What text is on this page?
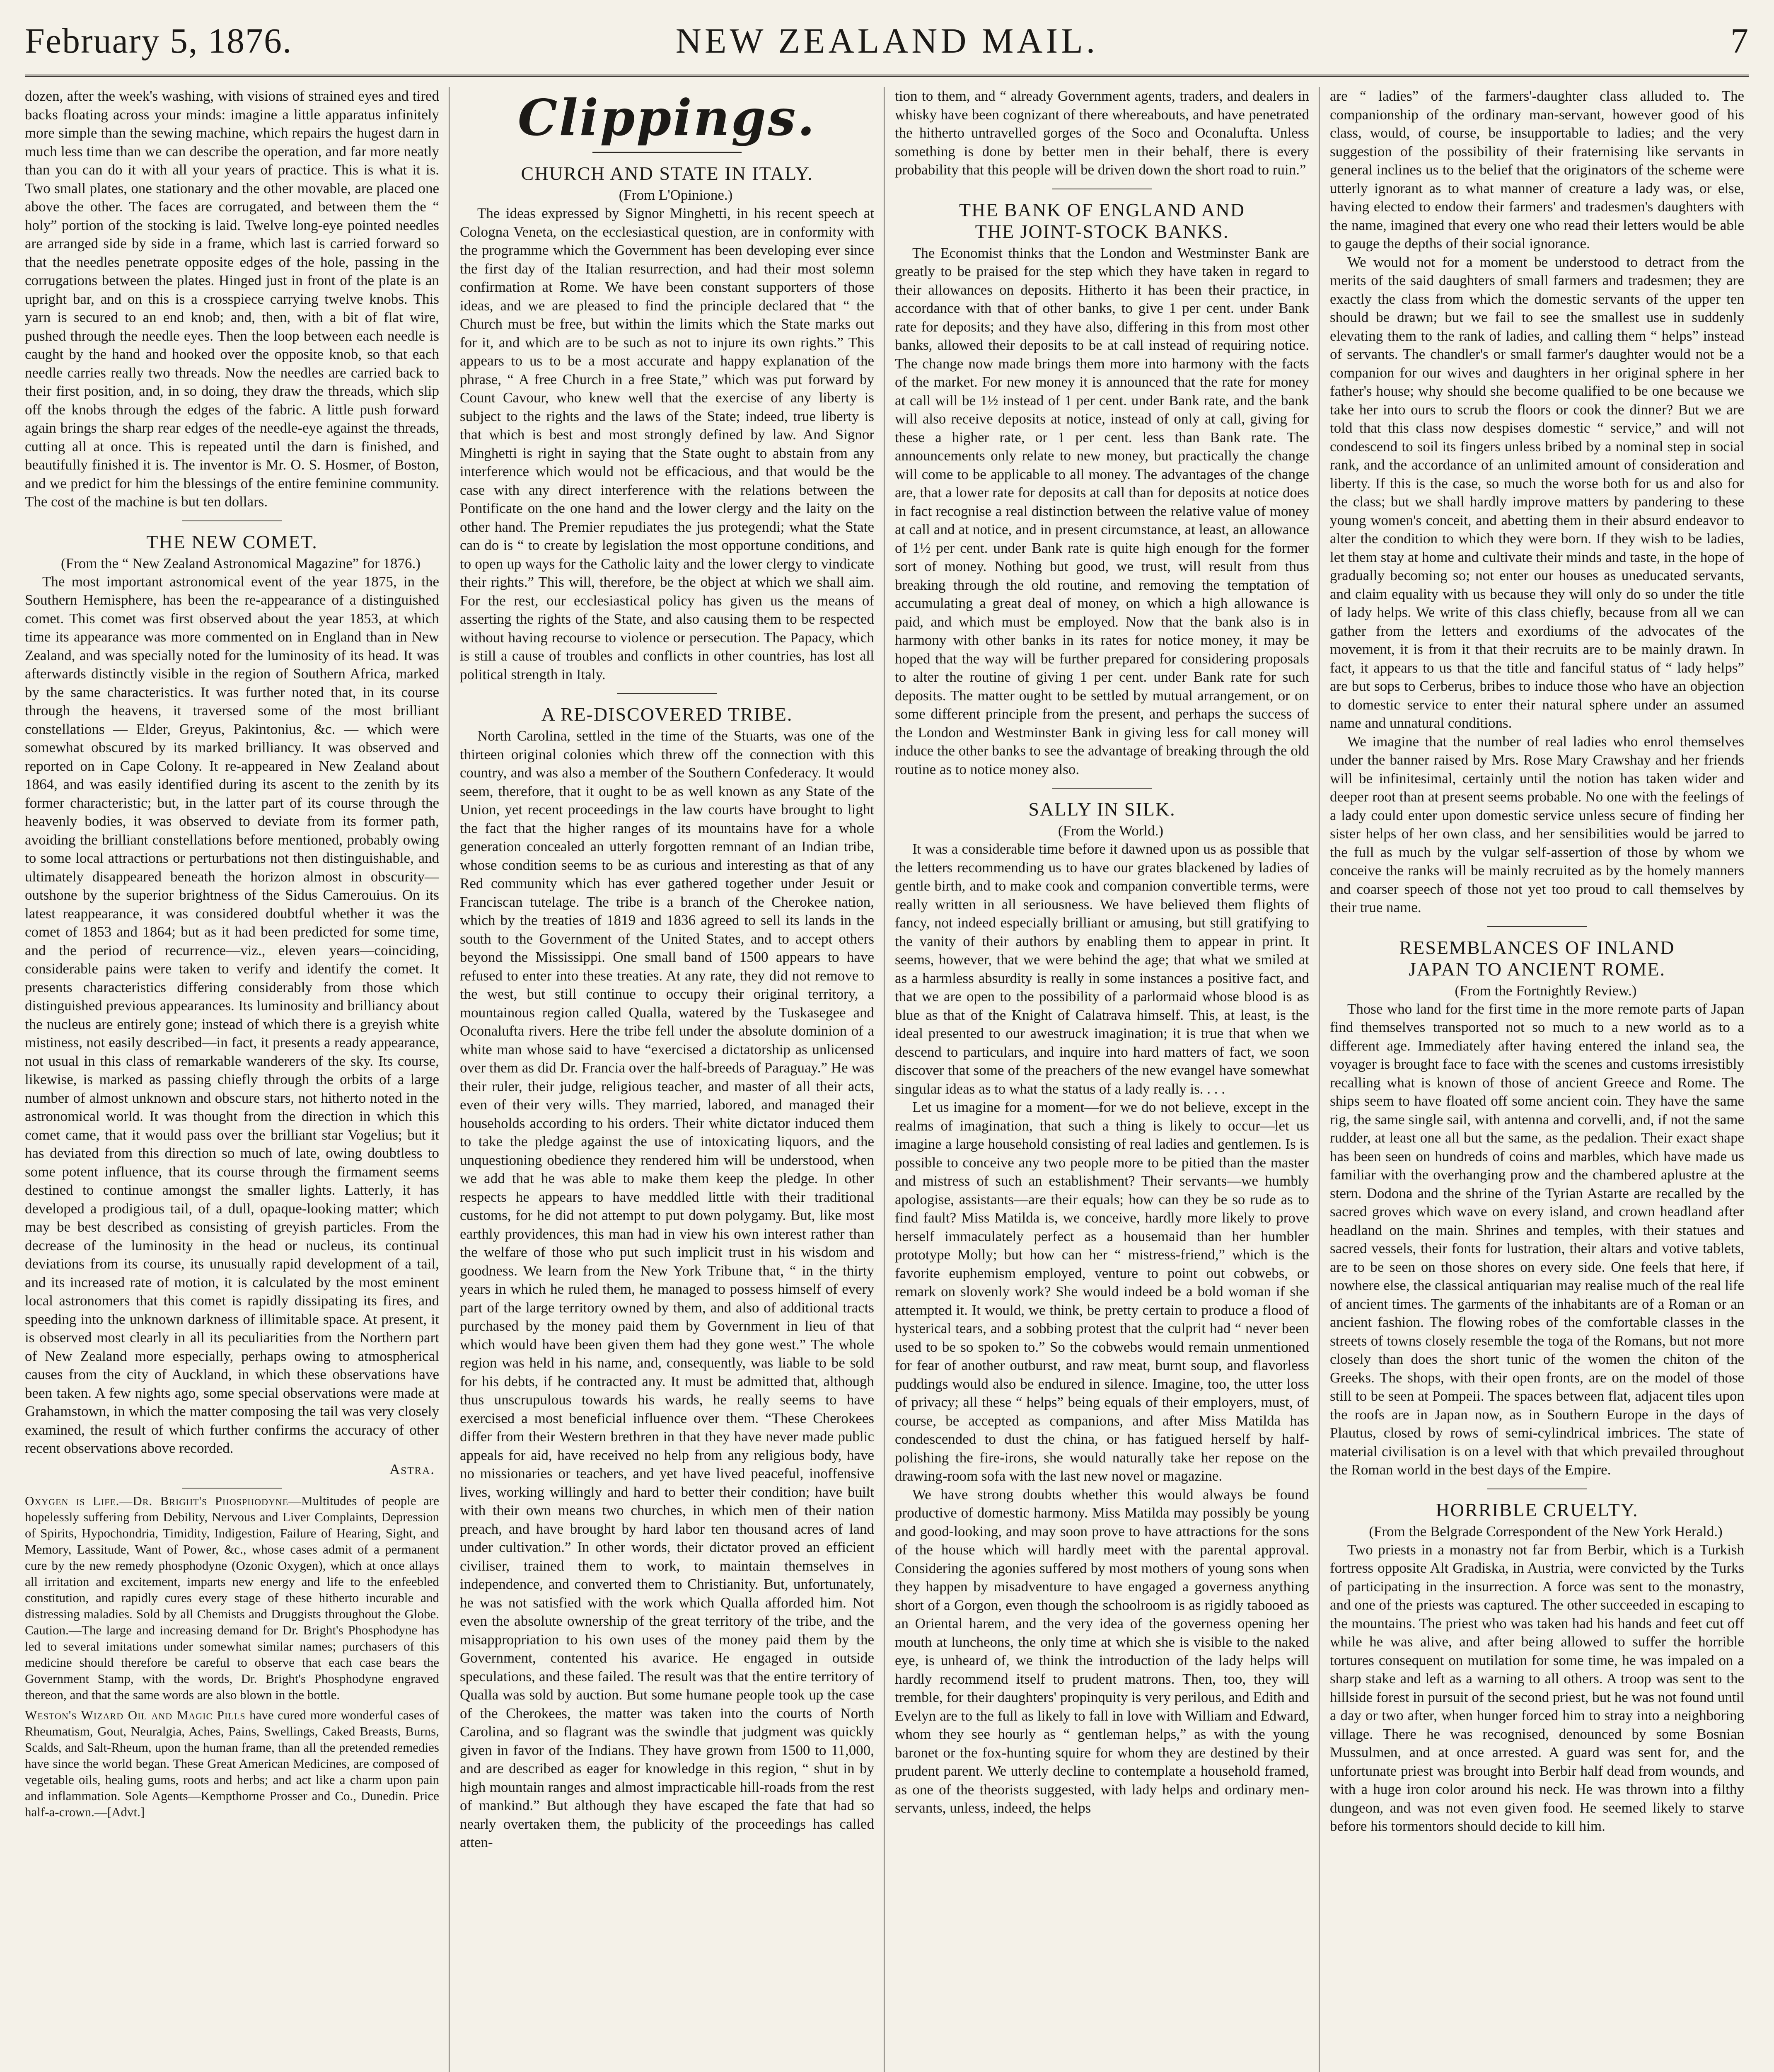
February 5, 1876.	NEW ZEALAND MAIL.	7

dozen, after the week's washing, with visions of strained eyes and tired backs floating across your minds: imagine a little apparatus infinitely more simple than the sewing machine, which repairs the hugest darn in much less time than we can describe the operation, and far more neatly than you can do it with all your years of practice. This is what it is. Two small plates, one stationary and the other movable, are placed one above the other. The faces are corrugated, and between them the “ holy” portion of the stocking is laid. Twelve long-eye pointed needles are arranged side by side in a frame, which last is carried forward so that the needles penetrate opposite edges of the hole, passing in the corrugations between the plates. Hinged just in front of the plate is an upright bar, and on this is a crosspiece carrying twelve knobs. This yarn is secured to an end knob; and, then, with a bit of flat wire, pushed through the needle eyes. Then the loop between each needle is caught by the hand and hooked over the opposite knob, so that each needle carries really two threads. Now the needles are carried back to their first position, and, in so doing, they draw the threads, which slip off the knobs through the edges of the fabric. A little push forward again brings the sharp rear edges of the needle-eye against the threads, cutting all at once. This is repeated until the darn is finished, and beautifully finished it is. The inventor is Mr. O. S. Hosmer, of Boston, and we predict for him the blessings of the entire feminine community. The cost of the machine is but ten dollars.

THE NEW COMET.

(From the “ New Zealand Astronomical Magazine” for 1876.)

The most important astronomical event of the year 1875, in the Southern Hemisphere, has been the re-appearance of a distinguished comet. This comet was first observed about the year 1853, at which time its appearance was more commented on in England than in New Zealand, and was specially noted for the luminosity of its head. It was afterwards distinctly visible in the region of Southern Africa, marked by the same characteristics. It was further noted that, in its course through the heavens, it traversed some of the most brilliant constellations — Elder, Greyus, Pakintonius, &c. — which were somewhat obscured by its marked brilliancy. It was observed and reported on in Cape Colony. It re-appeared in New Zealand about 1864, and was easily identified during its ascent to the zenith by its former characteristic; but, in the latter part of its course through the heavenly bodies, it was observed to deviate from its former path, avoiding the brilliant constellations before mentioned, probably owing to some local attractions or perturbations not then distinguishable, and ultimately disappeared beneath the horizon almost in obscurity—outshone by the superior brightness of the Sidus Camerouius. On its latest reappearance, it was considered doubtful whether it was the comet of 1853 and 1864; but as it had been predicted for some time, and the period of recurrence—viz., eleven years—coinciding, considerable pains were taken to verify and identify the comet. It presents characteristics differing considerably from those which distinguished previous appearances. Its luminosity and brilliancy about the nucleus are entirely gone; instead of which there is a greyish white mistiness, not easily described—in fact, it presents a ready appearance, not usual in this class of remarkable wanderers of the sky. Its course, likewise, is marked as passing chiefly through the orbits of a large number of almost unknown and obscure stars, not hitherto noted in the astronomical world. It was thought from the direction in which this comet came, that it would pass over the brilliant star Vogelius; but it has deviated from this direction so much of late, owing doubtless to some potent influence, that its course through the firmament seems destined to continue amongst the smaller lights. Latterly, it has developed a prodigious tail, of a dull, opaque-looking matter; which may be best described as consisting of greyish particles. From the decrease of the luminosity in the head or nucleus, its continual deviations from its course, its unusually rapid development of a tail, and its increased rate of motion, it is calculated by the most eminent local astronomers that this comet is rapidly dissipating its fires, and speeding into the unknown darkness of illimitable space. At present, it is observed most clearly in all its peculiarities from the Northern part of New Zealand more especially, perhaps owing to atmospherical causes from the city of Auckland, in which these observations have been taken. A few nights ago, some special observations were made at Grahamstown, in which the matter composing the tail was very closely examined, the result of which further confirms the accuracy of other recent observations above recorded.

Astra.

Oxygen is Life.—Dr. Bright's Phosphodyne—Multitudes of people are hopelessly suffering from Debility, Nervous and Liver Complaints, Depression of Spirits, Hypochondria, Timidity, Indigestion, Failure of Hearing, Sight, and Memory, Lassitude, Want of Power, &c., whose cases admit of a permanent cure by the new remedy phosphodyne (Ozonic Oxygen), which at once allays all irritation and excitement, imparts new energy and life to the enfeebled constitution, and rapidly cures every stage of these hitherto incurable and distressing maladies. Sold by all Chemists and Druggists throughout the Globe. Caution.—The large and increasing demand for Dr. Bright's Phosphodyne has led to several imitations under somewhat similar names; purchasers of this medicine should therefore be careful to observe that each case bears the Government Stamp, with the words, Dr. Bright's Phosphodyne engraved thereon, and that the same words are also blown in the bottle.

Weston's Wizard Oil and Magic Pills have cured more wonderful cases of Rheumatism, Gout, Neuralgia, Aches, Pains, Swellings, Caked Breasts, Burns, Scalds, and Salt-Rheum, upon the human frame, than all the pretended remedies have since the world began. These Great American Medicines, are composed of vegetable oils, healing gums, roots and herbs; and act like a charm upon pain and inflammation. Sole Agents—Kempthorne Prosser and Co., Dunedin. Price half-a-crown.—[Advt.]

Clippings.
CHURCH AND STATE IN ITALY.

(From L'Opinione.)

The ideas expressed by Signor Minghetti, in his recent speech at Cologna Veneta, on the ecclesiastical question, are in conformity with the programme which the Government has been developing ever since the first day of the Italian resurrection, and had their most solemn confirmation at Rome. We have been constant supporters of those ideas, and we are pleased to find the principle declared that “ the Church must be free, but within the limits which the State marks out for it, and which are to be such as not to injure its own rights.” This appears to us to be a most accurate and happy explanation of the phrase, “ A free Church in a free State,” which was put forward by Count Cavour, who knew well that the exercise of any liberty is subject to the rights and the laws of the State; indeed, true liberty is that which is best and most strongly defined by law. And Signor Minghetti is right in saying that the State ought to abstain from any interference which would not be efficacious, and that would be the case with any direct interference with the relations between the Pontificate on the one hand and the lower clergy and the laity on the other hand. The Premier repudiates the jus protegendi; what the State can do is “ to create by legislation the most opportune conditions, and to open up ways for the Catholic laity and the lower clergy to vindicate their rights.” This will, therefore, be the object at which we shall aim. For the rest, our ecclesiastical policy has given us the means of asserting the rights of the State, and also causing them to be respected without having recourse to violence or persecution. The Papacy, which is still a cause of troubles and conflicts in other countries, has lost all political strength in Italy.

A RE-DISCOVERED TRIBE.

North Carolina, settled in the time of the Stuarts, was one of the thirteen original colonies which threw off the connection with this country, and was also a member of the Southern Confederacy. It would seem, therefore, that it ought to be as well known as any State of the Union, yet recent proceedings in the law courts have brought to light the fact that the higher ranges of its mountains have for a whole generation concealed an utterly forgotten remnant of an Indian tribe, whose condition seems to be as curious and interesting as that of any Red community which has ever gathered together under Jesuit or Franciscan tutelage. The tribe is a branch of the Cherokee nation, which by the treaties of 1819 and 1836 agreed to sell its lands in the south to the Government of the United States, and to accept others beyond the Mississippi. One small band of 1500 appears to have refused to enter into these treaties. At any rate, they did not remove to the west, but still continue to occupy their original territory, a mountainous region called Qualla, watered by the Tuskasegee and Oconalufta rivers. Here the tribe fell under the absolute dominion of a white man whose said to have “exercised a dictatorship as unlicensed over them as did Dr. Francia over the half-breeds of Paraguay.” He was their ruler, their judge, religious teacher, and master of all their acts, even of their very wills. They married, labored, and managed their households according to his orders. Their white dictator induced them to take the pledge against the use of intoxicating liquors, and the unquestioning obedience they rendered him will be understood, when we add that he was able to make them keep the pledge. In other respects he appears to have meddled little with their traditional customs, for he did not attempt to put down polygamy. But, like most earthly providences, this man had in view his own interest rather than the welfare of those who put such implicit trust in his wisdom and goodness. We learn from the New York Tribune that, “ in the thirty years in which he ruled them, he managed to possess himself of every part of the large territory owned by them, and also of additional tracts purchased by the money paid them by Government in lieu of that which would have been given them had they gone west.” The whole region was held in his name, and, consequently, was liable to be sold for his debts, if he contracted any. It must be admitted that, although thus unscrupulous towards his wards, he really seems to have exercised a most beneficial influence over them. “These Cherokees differ from their Western brethren in that they have never made public appeals for aid, have received no help from any religious body, have no missionaries or teachers, and yet have lived peaceful, inoffensive lives, working willingly and hard to better their condition; have built with their own means two churches, in which men of their nation preach, and have brought by hard labor ten thousand acres of land under cultivation.” In other words, their dictator proved an efficient civiliser, trained them to work, to maintain themselves in independence, and converted them to Christianity. But, unfortunately, he was not satisfied with the work which Qualla afforded him. Not even the absolute ownership of the great territory of the tribe, and the misappropriation to his own uses of the money paid them by the Government, contented his avarice. He engaged in outside speculations, and these failed. The result was that the entire territory of Qualla was sold by auction. But some humane people took up the case of the Cherokees, the matter was taken into the courts of North Carolina, and so flagrant was the swindle that judgment was quickly given in favor of the Indians. They have grown from 1500 to 11,000, and are described as eager for knowledge in this region, “ shut in by high mountain ranges and almost impracticable hill-roads from the rest of mankind.” But although they have escaped the fate that had so nearly overtaken them, the publicity of the proceedings has called atten-

tion to them, and “ already Government agents, traders, and dealers in whisky have been cognizant of there whereabouts, and have penetrated the hitherto untravelled gorges of the Soco and Oconalufta. Unless something is done by better men in their behalf, there is every probability that this people will be driven down the short road to ruin.”

THE BANK OF ENGLAND AND
THE JOINT-STOCK BANKS.

The Economist thinks that the London and Westminster Bank are greatly to be praised for the step which they have taken in regard to their allowances on deposits. Hitherto it has been their practice, in accordance with that of other banks, to give 1 per cent. under Bank rate for deposits; and they have also, differing in this from most other banks, allowed their deposits to be at call instead of requiring notice. The change now made brings them more into harmony with the facts of the market. For new money it is announced that the rate for money at call will be 1½ instead of 1 per cent. under Bank rate, and the bank will also receive deposits at notice, instead of only at call, giving for these a higher rate, or 1 per cent. less than Bank rate. The announcements only relate to new money, but practically the change will come to be applicable to all money. The advantages of the change are, that a lower rate for deposits at call than for deposits at notice does in fact recognise a real distinction between the relative value of money at call and at notice, and in present circumstance, at least, an allowance of 1½ per cent. under Bank rate is quite high enough for the former sort of money. Nothing but good, we trust, will result from thus breaking through the old routine, and removing the temptation of accumulating a great deal of money, on which a high allowance is paid, and which must be employed. Now that the bank also is in harmony with other banks in its rates for notice money, it may be hoped that the way will be further prepared for considering proposals to alter the routine of giving 1 per cent. under Bank rate for such deposits. The matter ought to be settled by mutual arrangement, or on some different principle from the present, and perhaps the success of the London and Westminster Bank in giving less for call money will induce the other banks to see the advantage of breaking through the old routine as to notice money also.

SALLY IN SILK.

(From the World.)

It was a considerable time before it dawned upon us as possible that the letters recommending us to have our grates blackened by ladies of gentle birth, and to make cook and companion convertible terms, were really written in all seriousness. We have believed them flights of fancy, not indeed especially brilliant or amusing, but still gratifying to the vanity of their authors by enabling them to appear in print. It seems, however, that we were behind the age; that what we smiled at as a harmless absurdity is really in some instances a positive fact, and that we are open to the possibility of a parlormaid whose blood is as blue as that of the Knight of Calatrava himself. This, at least, is the ideal presented to our awestruck imagination; it is true that when we descend to particulars, and inquire into hard matters of fact, we soon discover that some of the preachers of the new evangel have somewhat singular ideas as to what the status of a lady really is. . . .

Let us imagine for a moment—for we do not believe, except in the realms of imagination, that such a thing is likely to occur—let us imagine a large household consisting of real ladies and gentlemen. Is is possible to conceive any two people more to be pitied than the master and mistress of such an establishment? Their servants—we humbly apologise, assistants—are their equals; how can they be so rude as to find fault? Miss Matilda is, we conceive, hardly more likely to prove herself immaculately perfect as a housemaid than her humbler prototype Molly; but how can her “ mistress-friend,” which is the favorite euphemism employed, venture to point out cobwebs, or remark on slovenly work? She would indeed be a bold woman if she attempted it. It would, we think, be pretty certain to produce a flood of hysterical tears, and a sobbing protest that the culprit had “ never been used to be so spoken to.” So the cobwebs would remain unmentioned for fear of another outburst, and raw meat, burnt soup, and flavorless puddings would also be endured in silence. Imagine, too, the utter loss of privacy; all these “ helps” being equals of their employers, must, of course, be accepted as companions, and after Miss Matilda has condescended to dust the china, or has fatigued herself by half-polishing the fire-irons, she would naturally take her repose on the drawing-room sofa with the last new novel or magazine.

We have strong doubts whether this would always be found productive of domestic harmony. Miss Matilda may possibly be young and good-looking, and may soon prove to have attractions for the sons of the house which will hardly meet with the parental approval. Considering the agonies suffered by most mothers of young sons when they happen by misadventure to have engaged a governess anything short of a Gorgon, even though the schoolroom is as rigidly tabooed as an Oriental harem, and the very idea of the governess opening her mouth at luncheons, the only time at which she is visible to the naked eye, is unheard of, we think the introduction of the lady helps will hardly recommend itself to prudent matrons. Then, too, they will tremble, for their daughters' propinquity is very perilous, and Edith and Evelyn are to the full as likely to fall in love with William and Edward, whom they see hourly as “ gentleman helps,” as with the young baronet or the fox-hunting squire for whom they are destined by their prudent parent. We utterly decline to contemplate a household framed, as one of the theorists suggested, with lady helps and ordinary men-servants, unless, indeed, the helps

are “ ladies” of the farmers'-daughter class alluded to. The companionship of the ordinary man-servant, however good of his class, would, of course, be insupportable to ladies; and the very suggestion of the possibility of their fraternising like servants in general inclines us to the belief that the originators of the scheme were utterly ignorant as to what manner of creature a lady was, or else, having elected to endow their farmers' and tradesmen's daughters with the name, imagined that every one who read their letters would be able to gauge the depths of their social ignorance.

We would not for a moment be understood to detract from the merits of the said daughters of small farmers and tradesmen; they are exactly the class from which the domestic servants of the upper ten should be drawn; but we fail to see the smallest use in suddenly elevating them to the rank of ladies, and calling them “ helps” instead of servants. The chandler's or small farmer's daughter would not be a companion for our wives and daughters in her original sphere in her father's house; why should she become qualified to be one because we take her into ours to scrub the floors or cook the dinner? But we are told that this class now despises domestic “ service,” and will not condescend to soil its fingers unless bribed by a nominal step in social rank, and the accordance of an unlimited amount of consideration and liberty. If this is the case, so much the worse both for us and also for the class; but we shall hardly improve matters by pandering to these young women's conceit, and abetting them in their absurd endeavor to alter the condition to which they were born. If they wish to be ladies, let them stay at home and cultivate their minds and taste, in the hope of gradually becoming so; not enter our houses as uneducated servants, and claim equality with us because they will only do so under the title of lady helps. We write of this class chiefly, because from all we can gather from the letters and exordiums of the advocates of the movement, it is from it that their recruits are to be mainly drawn. In fact, it appears to us that the title and fanciful status of “ lady helps” are but sops to Cerberus, bribes to induce those who have an objection to domestic service to enter their natural sphere under an assumed name and unnatural conditions.

We imagine that the number of real ladies who enrol themselves under the banner raised by Mrs. Rose Mary Crawshay and her friends will be infinitesimal, certainly until the notion has taken wider and deeper root than at present seems probable. No one with the feelings of a lady could enter upon domestic service unless secure of finding her sister helps of her own class, and her sensibilities would be jarred to the full as much by the vulgar self-assertion of those by whom we conceive the ranks will be mainly recruited as by the homely manners and coarser speech of those not yet too proud to call themselves by their true name.

RESEMBLANCES OF INLAND
JAPAN TO ANCIENT ROME.

(From the Fortnightly Review.)

Those who land for the first time in the more remote parts of Japan find themselves transported not so much to a new world as to a different age. Immediately after having entered the inland sea, the voyager is brought face to face with the scenes and customs irresistibly recalling what is known of those of ancient Greece and Rome. The ships seem to have floated off some ancient coin. They have the same rig, the same single sail, with antenna and corvelli, and, if not the same rudder, at least one all but the same, as the pedalion. Their exact shape has been seen on hundreds of coins and marbles, which have made us familiar with the overhanging prow and the chambered aplustre at the stern. Dodona and the shrine of the Tyrian Astarte are recalled by the sacred groves which wave on every island, and crown headland after headland on the main. Shrines and temples, with their statues and sacred vessels, their fonts for lustration, their altars and votive tablets, are to be seen on those shores on every side. One feels that here, if nowhere else, the classical antiquarian may realise much of the real life of ancient times. The garments of the inhabitants are of a Roman or an ancient fashion. The flowing robes of the comfortable classes in the streets of towns closely resemble the toga of the Romans, but not more closely than does the short tunic of the women the chiton of the Greeks. The shops, with their open fronts, are on the model of those still to be seen at Pompeii. The spaces between flat, adjacent tiles upon the roofs are in Japan now, as in Southern Europe in the days of Plautus, closed by rows of semi-cylindrical imbrices. The state of material civilisation is on a level with that which prevailed throughout the Roman world in the best days of the Empire.

HORRIBLE CRUELTY.

(From the Belgrade Correspondent of the New York Herald.)

Two priests in a monastry not far from Berbir, which is a Turkish fortress opposite Alt Gradiska, in Austria, were convicted by the Turks of participating in the insurrection. A force was sent to the monastry, and one of the priests was captured. The other succeeded in escaping to the mountains. The priest who was taken had his hands and feet cut off while he was alive, and after being allowed to suffer the horrible tortures consequent on mutilation for some time, he was impaled on a sharp stake and left as a warning to all others. A troop was sent to the hillside forest in pursuit of the second priest, but he was not found until a day or two after, when hunger forced him to stray into a neighboring village. There he was recognised, denounced by some Bosnian Mussulmen, and at once arrested. A guard was sent for, and the unfortunate priest was brought into Berbir half dead from wounds, and with a huge iron color around his neck. He was thrown into a filthy dungeon, and was not even given food. He seemed likely to starve before his tormentors should decide to kill him.
